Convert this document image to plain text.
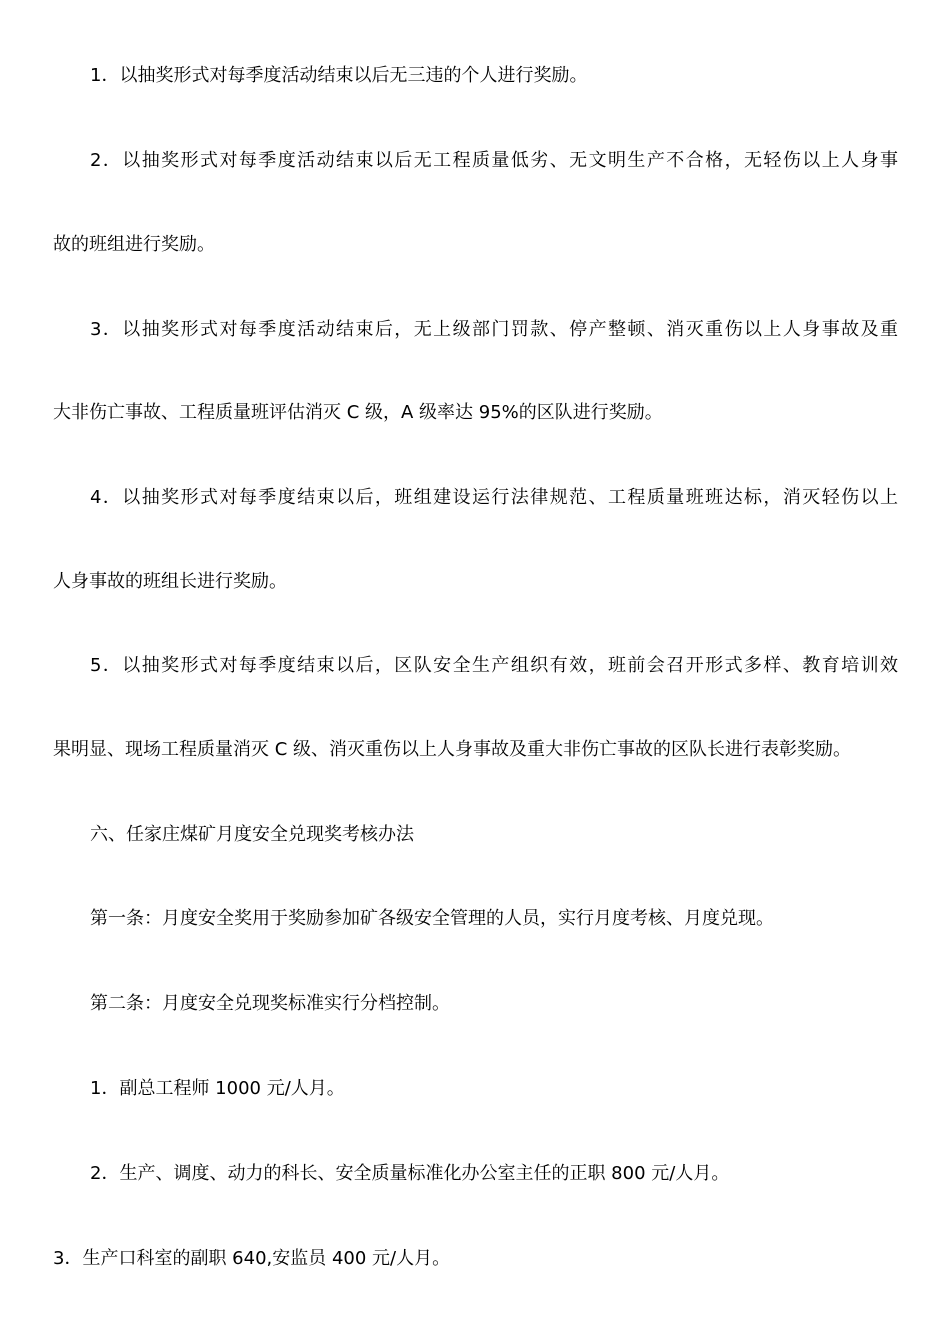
1．以抽奖形式对每季度活动结束以后无三违的个人进行奖励。
2．以抽奖形式对每季度活动结束以后无工程质量低劣、无文明生产不合格，无轻伤以上人身事
故的班组进行奖励。
3．以抽奖形式对每季度活动结束后，无上级部门罚款、停产整顿、消灭重伤以上人身事故及重
大非伤亡事故、工程质量班评估消灭 C 级，A 级率达 95%的区队进行奖励。
4．以抽奖形式对每季度结束以后，班组建设运行法律规范、工程质量班班达标，消灭轻伤以上
人身事故的班组长进行奖励。
5．以抽奖形式对每季度结束以后，区队安全生产组织有效，班前会召开形式多样、教育培训效
果明显、现场工程质量消灭 C 级、消灭重伤以上人身事故及重大非伤亡事故的区队长进行表彰奖励。
六、任家庄煤矿月度安全兑现奖考核办法
第一条：月度安全奖用于奖励参加矿各级安全管理的人员，实行月度考核、月度兑现。
第二条：月度安全兑现奖标准实行分档控制。
1．副总工程师 1000 元/人月。
2．生产、调度、动力的科长、安全质量标准化办公室主任的正职 800 元/人月。
3．生产口科室的副职 640,安监员 400 元/人月。
